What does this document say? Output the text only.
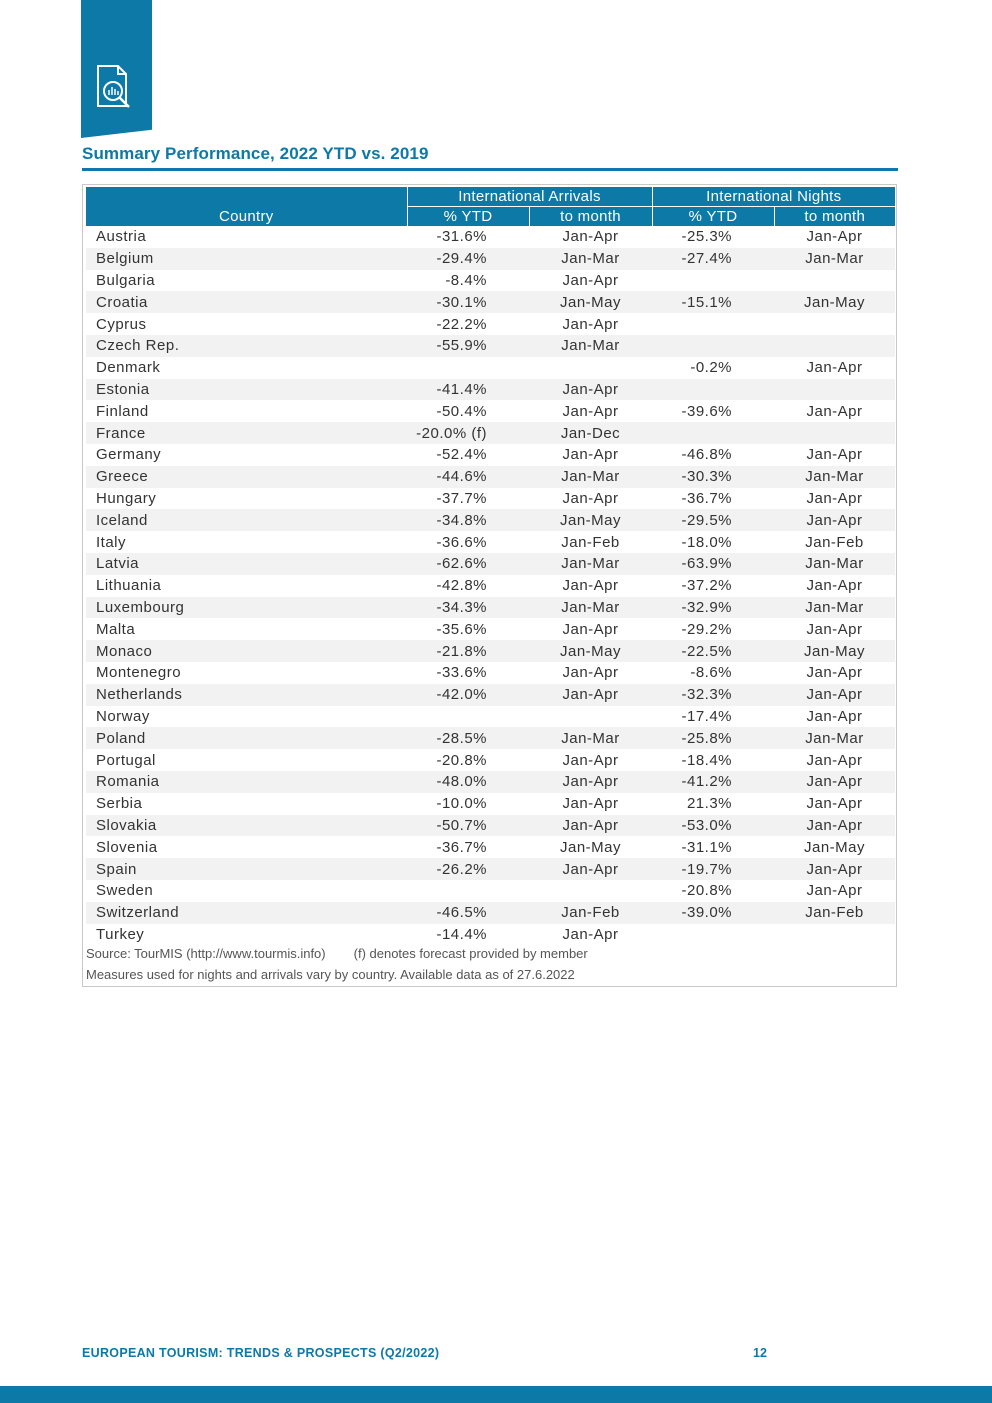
Summary Performance, 2022 YTD vs. 2019
	International Arrivals		International Nights	
Country	% YTD	to month	% YTD	to month
Austria	-31.6%	Jan-Apr	-25.3%	Jan-Apr
Belgium	-29.4%	Jan-Mar	-27.4%	Jan-Mar
Bulgaria	-8.4%	Jan-Apr		
Croatia	-30.1%	Jan-May	-15.1%	Jan-May
Cyprus	-22.2%	Jan-Apr		
Czech Rep.	-55.9%	Jan-Mar		
Denmark			-0.2%	Jan-Apr
Estonia	-41.4%	Jan-Apr		
Finland	-50.4%	Jan-Apr	-39.6%	Jan-Apr
France	-20.0% (f)	Jan-Dec		
Germany	-52.4%	Jan-Apr	-46.8%	Jan-Apr
Greece	-44.6%	Jan-Mar	-30.3%	Jan-Mar
Hungary	-37.7%	Jan-Apr	-36.7%	Jan-Apr
Iceland	-34.8%	Jan-May	-29.5%	Jan-Apr
Italy	-36.6%	Jan-Feb	-18.0%	Jan-Feb
Latvia	-62.6%	Jan-Mar	-63.9%	Jan-Mar
Lithuania	-42.8%	Jan-Apr	-37.2%	Jan-Apr
Luxembourg	-34.3%	Jan-Mar	-32.9%	Jan-Mar
Malta	-35.6%	Jan-Apr	-29.2%	Jan-Apr
Monaco	-21.8%	Jan-May	-22.5%	Jan-May
Montenegro	-33.6%	Jan-Apr	-8.6%	Jan-Apr
Netherlands	-42.0%	Jan-Apr	-32.3%	Jan-Apr
Norway			-17.4%	Jan-Apr
Poland	-28.5%	Jan-Mar	-25.8%	Jan-Mar
Portugal	-20.8%	Jan-Apr	-18.4%	Jan-Apr
Romania	-48.0%	Jan-Apr	-41.2%	Jan-Apr
Serbia	-10.0%	Jan-Apr	21.3%	Jan-Apr
Slovakia	-50.7%	Jan-Apr	-53.0%	Jan-Apr
Slovenia	-36.7%	Jan-May	-31.1%	Jan-May
Spain	-26.2%	Jan-Apr	-19.7%	Jan-Apr
Sweden			-20.8%	Jan-Apr
Switzerland	-46.5%	Jan-Feb	-39.0%	Jan-Feb
Turkey	-14.4%	Jan-Apr		
Source: TourMIS (http://www.tourmis.info) (f) denotes forecast provided by member
Measures used for nights and arrivals vary by country. Available data as of 27.6.2022
EUROPEAN TOURISM: TRENDS & PROSPECTS (Q2/2022)	12
